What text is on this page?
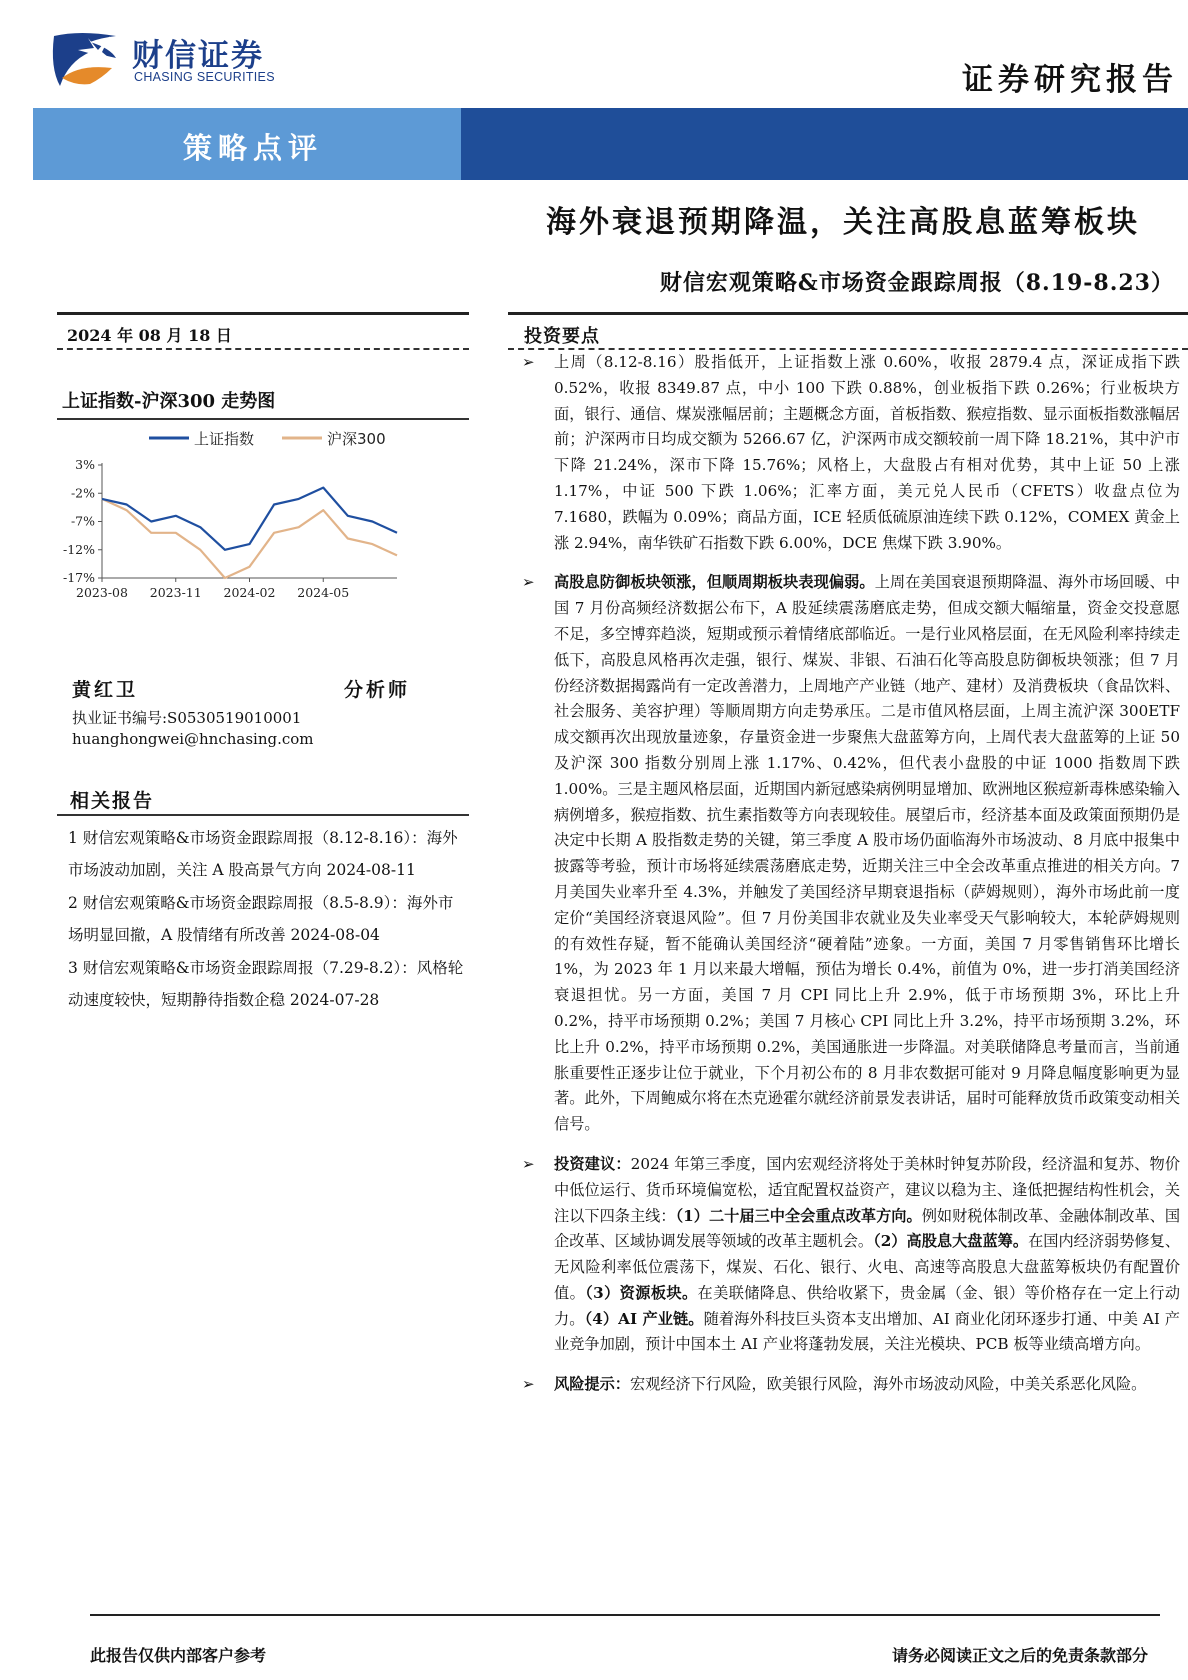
财信证券
CHASING SECURITIES	证券研究报告
策略点评
海外衰退预期降温，关注高股息蓝筹板块
财信宏观策略&市场资金跟踪周报（8.19-8.23）
2024 年 08 月 18 日	投资要点
上证指数-沪深300 走势图
3%
-2%
-7%
-12%
-17%
2023-08 2023-11 2024-02 2024-05
上证指数	沪深300
黄红卫	分析师
执业证书编号:S0530519010001
huanghongwei@hnchasing.com
相关报告
1 财信宏观策略&市场资金跟踪周报（8.12-8.16）：海外市场波动加剧，关注 A 股高景气方向 2024-08-11
2 财信宏观策略&市场资金跟踪周报（8.5-8.9）：海外市场明显回撤，A 股情绪有所改善 2024-08-04
3 财信宏观策略&市场资金跟踪周报（7.29-8.2）：风格轮动速度较快，短期静待指数企稳 2024-07-28
➢ 上周（8.12-8.16）股指低开，上证指数上涨 0.60%，收报 2879.4 点，深证成指下跌 0.52%，收报 8349.87 点，中小 100 下跌 0.88%，创业板指下跌 0.26%；行业板块方面，银行、通信、煤炭涨幅居前；主题概念方面，首板指数、猴痘指数、显示面板指数涨幅居前；沪深两市日均成交额为 5266.67 亿，沪深两市成交额较前一周下降 18.21%，其中沪市下降 21.24%，深市下降 15.76%；风格上，大盘股占有相对优势，其中上证 50 上涨 1.17%，中证 500 下跌 1.06%；汇率方面，美元兑人民币（CFETS）收盘点位为 7.1680，跌幅为 0.09%；商品方面，ICE 轻质低硫原油连续下跌 0.12%，COMEX 黄金上涨 2.94%，南华铁矿石指数下跌 6.00%，DCE 焦煤下跌 3.90%。

➢ 高股息防御板块领涨，但顺周期板块表现偏弱。上周在美国衰退预期降温、海外市场回暖、中国 7 月份高频经济数据公布下，A 股延续震荡磨底走势，但成交额大幅缩量，资金交投意愿不足，多空博弈趋淡，短期或预示着情绪底部临近。一是行业风格层面，在无风险利率持续走低下，高股息风格再次走强，银行、煤炭、非银、石油石化等高股息防御板块领涨；但 7 月份经济数据揭露尚有一定改善潜力，上周地产产业链（地产、建材）及消费板块（食品饮料、社会服务、美容护理）等顺周期方向走势承压。二是市值风格层面，上周主流沪深 300ETF 成交额再次出现放量迹象，存量资金进一步聚焦大盘蓝筹方向，上周代表大盘蓝筹的上证 50 及沪深 300 指数分别周上涨 1.17%、0.42%，但代表小盘股的中证 1000 指数周下跌 1.00%。三是主题风格层面，近期国内新冠感染病例明显增加、欧洲地区猴痘新毒株感染输入病例增多，猴痘指数、抗生素指数等方向表现较佳。展望后市，经济基本面及政策面预期仍是决定中长期 A 股指数走势的关键，第三季度 A 股市场仍面临海外市场波动、8 月底中报集中披露等考验，预计市场将延续震荡磨底走势，近期关注三中全会改革重点推进的相关方向。7 月美国失业率升至 4.3%，并触发了美国经济早期衰退指标（萨姆规则），海外市场此前一度定价“美国经济衰退风险”。但 7 月份美国非农就业及失业率受天气影响较大，本轮萨姆规则的有效性存疑，暂不能确认美国经济“硬着陆”迹象。一方面，美国 7 月零售销售环比增长 1%，为 2023 年 1 月以来最大增幅，预估为增长 0.4%，前值为 0%，进一步打消美国经济衰退担忧。另一方面，美国 7 月 CPI 同比上升 2.9%，低于市场预期 3%，环比上升 0.2%，持平市场预期 0.2%；美国 7 月核心 CPI 同比上升 3.2%，持平市场预期 3.2%，环比上升 0.2%，持平市场预期 0.2%，美国通胀进一步降温。对美联储降息考量而言，当前通胀重要性正逐步让位于就业，下个月初公布的 8 月非农数据可能对 9 月降息幅度影响更为显著。此外，下周鲍威尔将在杰克逊霍尔就经济前景发表讲话，届时可能释放货币政策变动相关信号。

➢ 投资建议：2024 年第三季度，国内宏观经济将处于美林时钟复苏阶段，经济温和复苏、物价中低位运行、货币环境偏宽松，适宜配置权益资产，建议以稳为主、逢低把握结构性机会，关注以下四条主线：（1）二十届三中全会重点改革方向。例如财税体制改革、金融体制改革、国企改革、区域协调发展等领域的改革主题机会。（2）高股息大盘蓝筹。在国内经济弱势修复、无风险利率低位震荡下，煤炭、石化、银行、火电、高速等高股息大盘蓝筹板块仍有配置价值。（3）资源板块。在美联储降息、供给收紧下，贵金属（金、银）等价格存在一定上行动力。（4）AI 产业链。随着海外科技巨头资本支出增加、AI 商业化闭环逐步打通、中美 AI 产业竞争加剧，预计中国本土 AI 产业将蓬勃发展，关注光模块、PCB 板等业绩高增方向。

➢ 风险提示：宏观经济下行风险，欧美银行风险，海外市场波动风险，中美关系恶化风险。

此报告仅供内部客户参考	请务必阅读正文之后的免责条款部分
